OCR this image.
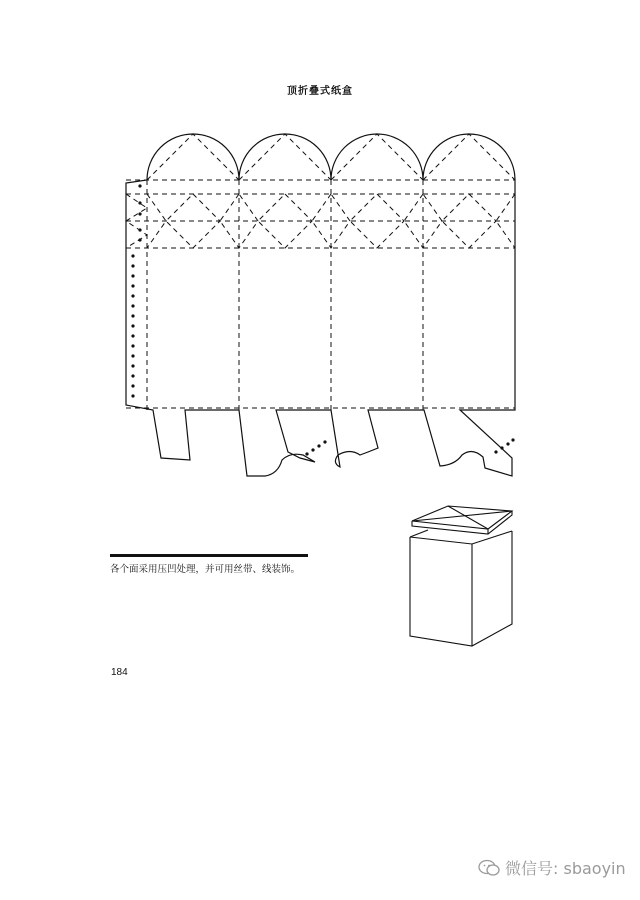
顶折叠式纸盒
各个面采用压凹处理，并可用丝带、线装饰。
184
微信号: sbaoyin
